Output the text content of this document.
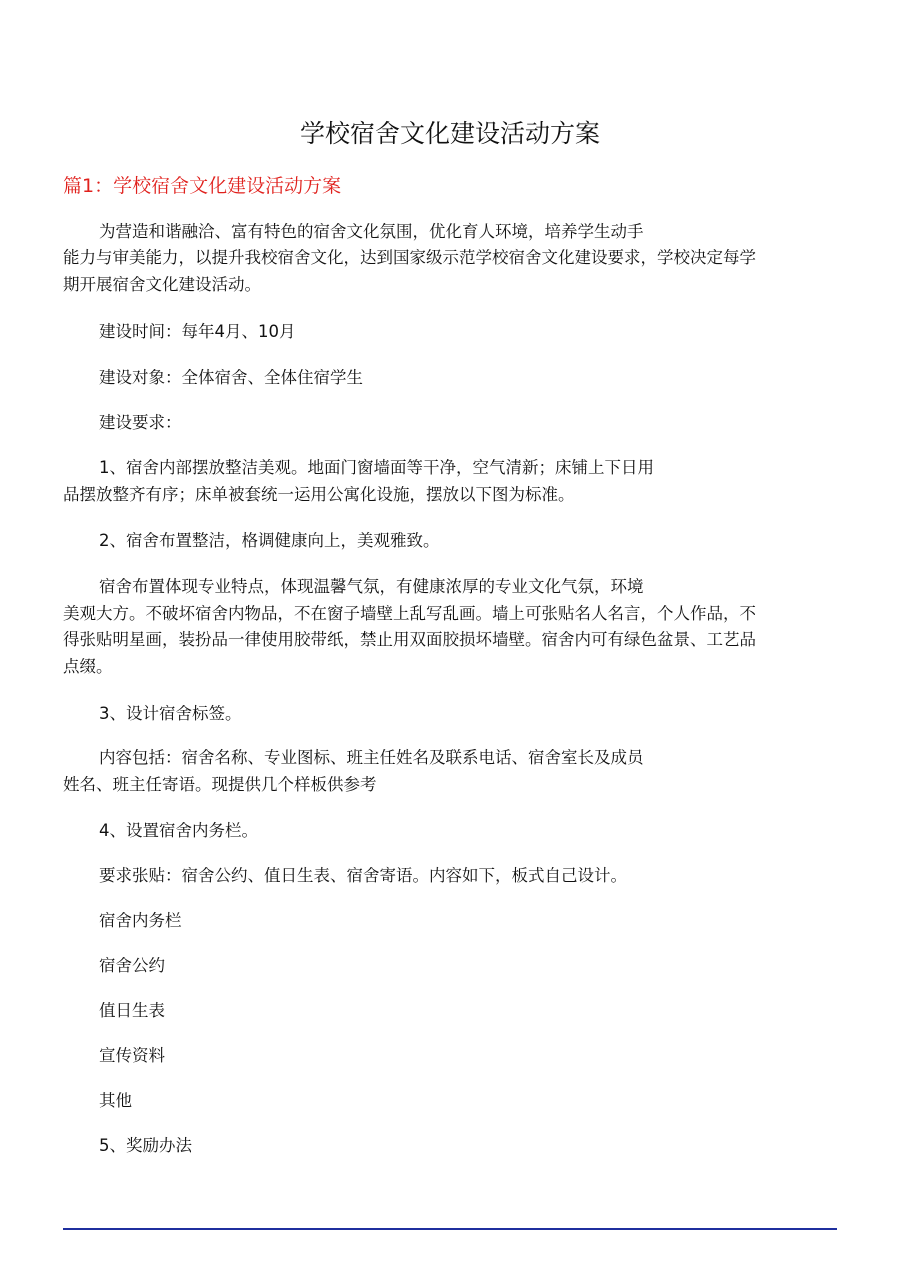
学校宿舍文化建设活动方案
篇1：学校宿舍文化建设活动方案
为营造和谐融洽、富有特色的宿舍文化氛围，优化育人环境，培养学生动手
能力与审美能力，以提升我校宿舍文化，达到国家级示范学校宿舍文化建设要求，学校决定每学
期开展宿舍文化建设活动。
建设时间：每年4月、10月
建设对象：全体宿舍、全体住宿学生
建设要求：
1、宿舍内部摆放整洁美观。地面门窗墙面等干净，空气清新；床铺上下日用
品摆放整齐有序；床单被套统一运用公寓化设施，摆放以下图为标准。
2、宿舍布置整洁，格调健康向上，美观雅致。
宿舍布置体现专业特点，体现温馨气氛，有健康浓厚的专业文化气氛，环境
美观大方。不破坏宿舍内物品，不在窗子墙壁上乱写乱画。墙上可张贴名人名言，个人作品，不
得张贴明星画，装扮品一律使用胶带纸，禁止用双面胶损坏墙壁。宿舍内可有绿色盆景、工艺品
点缀。
3、设计宿舍标签。
内容包括：宿舍名称、专业图标、班主任姓名及联系电话、宿舍室长及成员
姓名、班主任寄语。现提供几个样板供参考
4、设置宿舍内务栏。
要求张贴：宿舍公约、值日生表、宿舍寄语。内容如下，板式自己设计。
宿舍内务栏
宿舍公约
值日生表
宣传资料
其他
5、奖励办法
